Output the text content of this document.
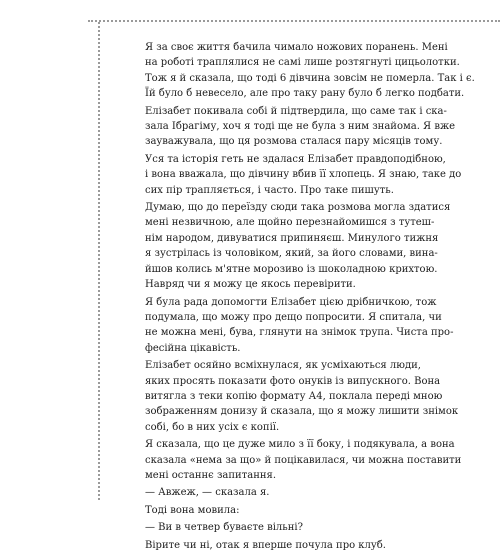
Я за своє життя бачила чимало ножових поранень. Мені
на роботі траплялися не самі лише розтягнуті цицьолотки.
Тож я й сказала, що тоді 6 дівчина зовсім не померла. Так і є.
Їй було б невесело, але про таку рану було б легко подбати.
Елізабет покивала собі й підтвердила, що саме так і ска-
зала Ібрагіму, хоч я тоді ще не була з ним знайома. Я вже
зауважувала, що ця розмова сталася пару місяців тому.
Уся та історія геть не здалася Елізабет правдоподібною,
і вона вважала, що дівчину вбив її хлопець. Я знаю, таке до
сих пір трапляється, і часто. Про таке пишуть.
Думаю, що до переїзду сюди така розмова могла здатися
мені незвичною, але щойно перезнайомишся з тутеш-
нім народом, дивуватися припиняєш. Минулого тижня
я зустрілась із чоловіком, який, за його словами, вина-
йшов колись м'ятне морозиво із шоколадною крихтою.
Навряд чи я можу це якось перевірити.
Я була рада допомогти Елізабет цією дрібничкою, тож
подумала, що можу про дещо попросити. Я спитала, чи
не можна мені, бува, глянути на знімок трупа. Чиста про-
фесійна цікавість.
Елізабет осяйно всміхнулася, як усміхаються люди,
яких просять показати фото онуків із випускного. Вона
витягла з теки копію формату А4, поклала переді мною
зображенням донизу й сказала, що я можу лишити знімок
собі, бо в них усіх є копії.
Я сказала, що це дуже мило з її боку, і подякувала, а вона
сказала «нема за що» й поцікавилася, чи можна поставити
мені останнє запитання.
— Авжеж, — сказала я.
Тоді вона мовила:
— Ви в четвер буваєте вільні?
Вірите чи ні, отак я вперше почула про клуб.
